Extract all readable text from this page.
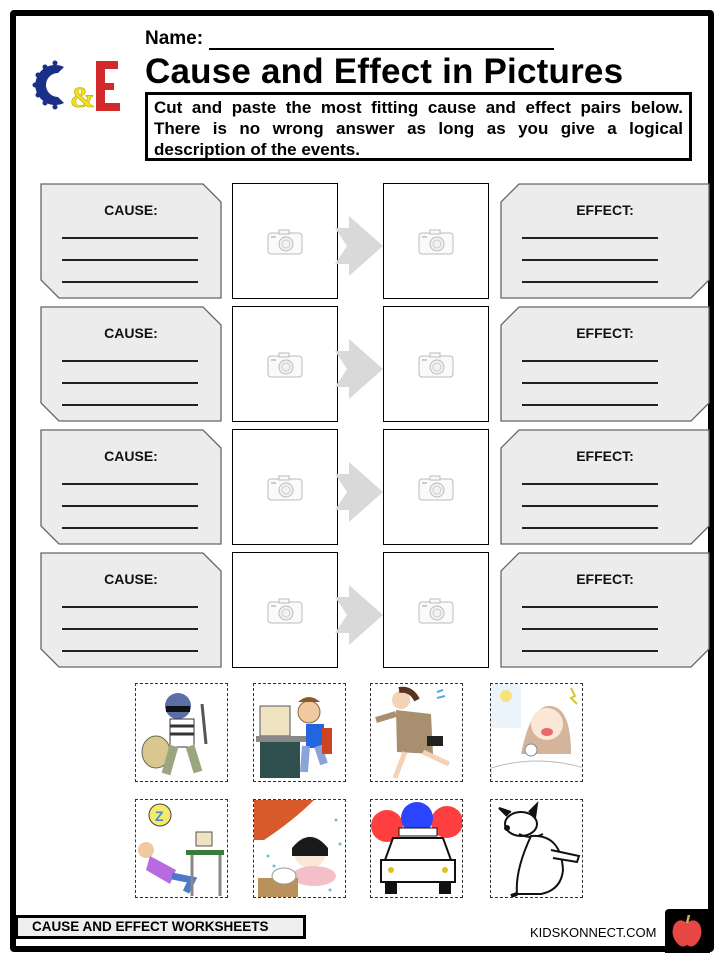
&
Name:
Cause and Effect in Pictures
Cut and paste the most fitting cause and effect pairs below. There is no wrong answer as long as you give a logical description of the events.
CAUSE:	EFFECT:
CAUSE:	EFFECT:
CAUSE:	EFFECT:
CAUSE:	EFFECT:
Z
CAUSE AND EFFECT WORKSHEETS	KIDSKONNECT.COM
